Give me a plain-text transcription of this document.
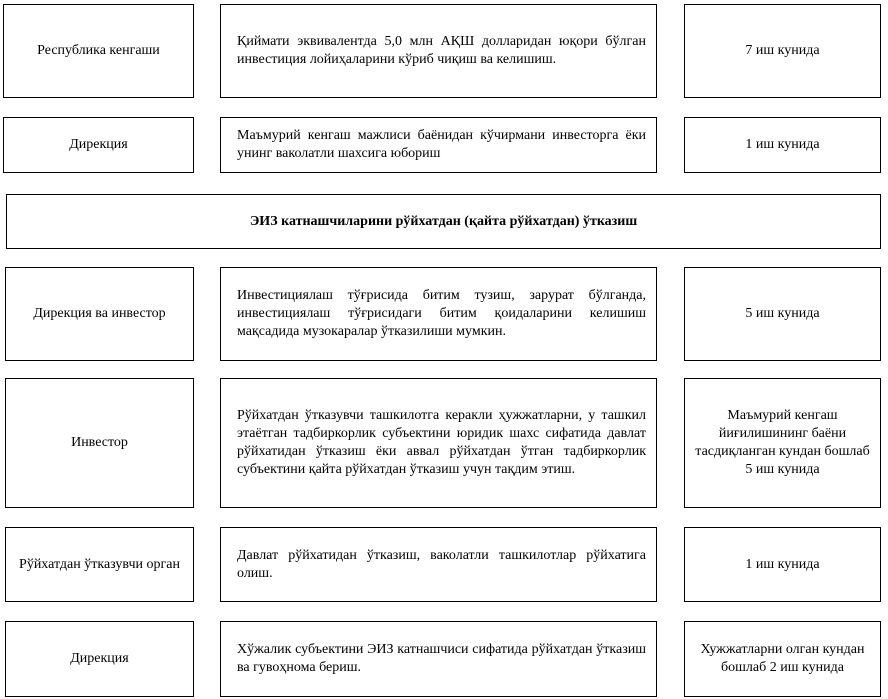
Республика кенгаши
Қиймати эквивалентда 5,0 млн АҚШ долларидан юқори бўлган инвестиция лойиҳаларини кўриб чиқиш ва келишиш.
7 иш кунида
Дирекция
Маъмурий кенгаш мажлиси баёнидан кўчирмани инвесторга ёки унинг ваколатли шахсига юбориш
1 иш кунида
ЭИЗ катнашчиларини рўйхатдан (қайта рўйхатдан) ўтказиш
Дирекция ва инвестор
Инвестициялаш тўғрисида битим тузиш, зарурат бўлганда, инвестициялаш тўғрисидаги битим қоидаларини келишиш мақсадида музокаралар ўтказилиши мумкин.
5 иш кунида
Инвестор
Рўйхатдан ўтказувчи ташкилотга керакли ҳужжатларни, у ташкил этаётган тадбиркорлик субъектини юридик шахс сифатида давлат рўйхатидан ўтказиш ёки аввал рўйхатдан ўтган тадбиркорлик субъектини қайта рўйхатдан ўтказиш учун тақдим этиш.
Маъмурий кенгаш йиғилишининг баёни тасдиқланган кундан бошлаб 5 иш кунида
Рўйхатдан ўтказувчи орган
Давлат рўйхатидан ўтказиш, ваколатли ташкилотлар рўйхатига олиш.
1 иш кунида
Дирекция
Хўжалик субъектини ЭИЗ катнашчиси сифатида рўйхатдан ўтказиш ва гувоҳнома бериш.
Хужжатларни олган кундан бошлаб 2 иш кунида
